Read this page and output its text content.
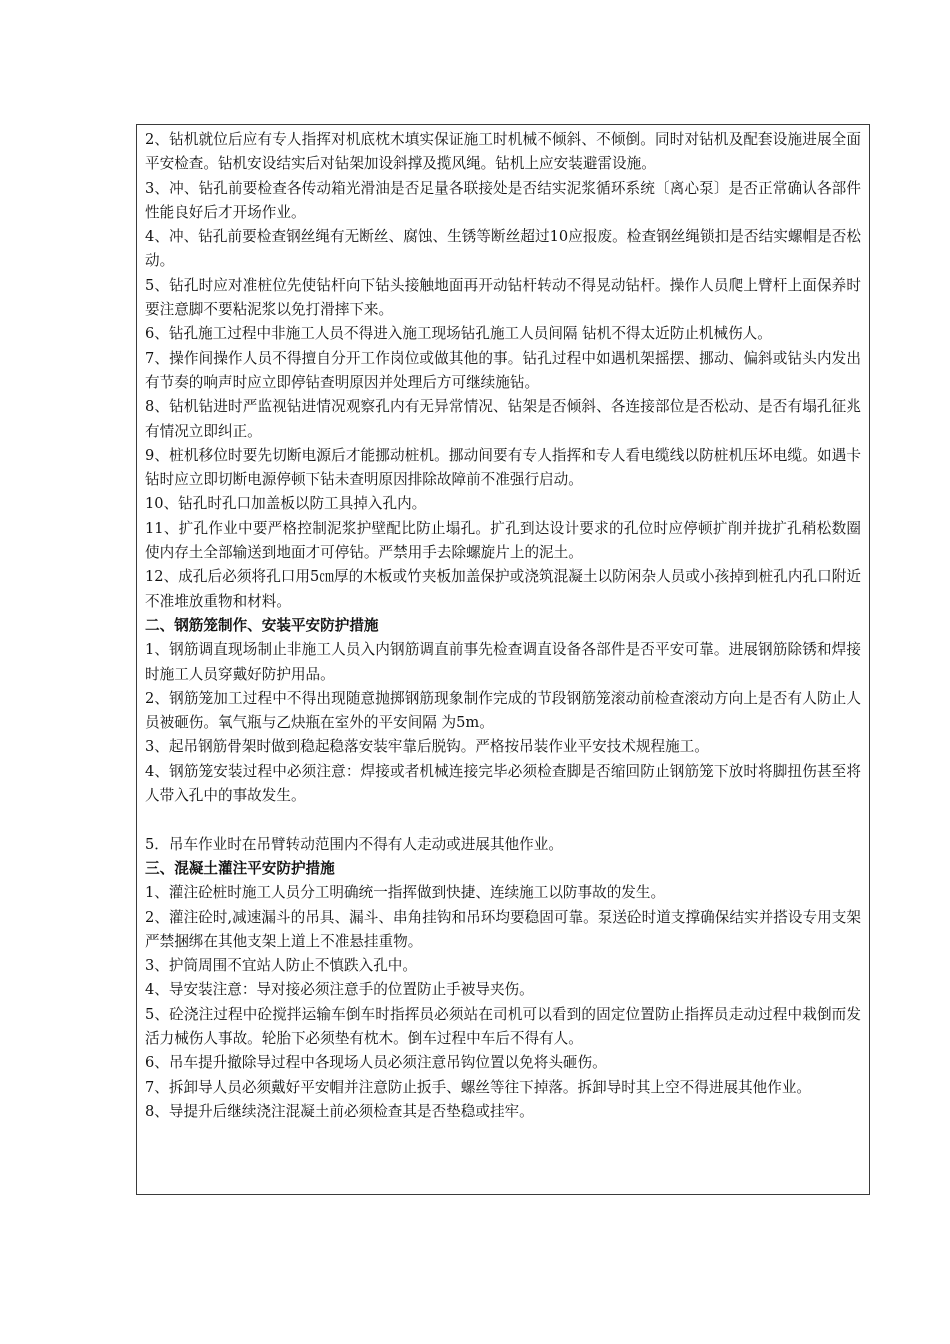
2、钻机就位后应有专人指挥对机底枕木填实保证施工时机械不倾斜、不倾倒。同时对钻机及配套设施进展全面平安检查。钻机安设结实后对钻架加设斜撑及揽风绳。钻机上应安装避雷设施。

3、冲、钻孔前要检查各传动箱光滑油是否足量各联接处是否结实泥浆循环系统〔离心泵〕是否正常确认各部件性能良好后才开场作业。

4、冲、钻孔前要检查钢丝绳有无断丝、腐蚀、生锈等断丝超过10应报废。检查钢丝绳锁扣是否结实螺帽是否松动。

5、钻孔时应对准桩位先使钻杆向下钻头接触地面再开动钻杆转动不得晃动钻杆。操作人员爬上臂杆上面保养时要注意脚不要粘泥浆以免打滑摔下来。

6、钻孔施工过程中非施工人员不得进入施工现场钻孔施工人员间隔 钻机不得太近防止机械伤人。

7、操作间操作人员不得擅自分开工作岗位或做其他的事。钻孔过程中如遇机架摇摆、挪动、偏斜或钻头内发出有节奏的响声时应立即停钻查明原因并处理后方可继续施钻。

8、钻机钻进时严监视钻进情况观察孔内有无异常情况、钻架是否倾斜、各连接部位是否松动、是否有塌孔征兆有情况立即纠正。

9、桩机移位时要先切断电源后才能挪动桩机。挪动间要有专人指挥和专人看电缆线以防桩机压坏电缆。如遇卡钻时应立即切断电源停顿下钻未查明原因排除故障前不准强行启动。

10、钻孔时孔口加盖板以防工具掉入孔内。

11、扩孔作业中要严格控制泥浆护壁配比防止塌孔。扩孔到达设计要求的孔位时应停顿扩削并拢扩孔稍松数圈使内存土全部输送到地面才可停钻。严禁用手去除螺旋片上的泥土。

12、成孔后必须将孔口用5㎝厚的木板或竹夹板加盖保护或浇筑混凝土以防闲杂人员或小孩掉到桩孔内孔口附近不准堆放重物和材料。

二、钢筋笼制作、安装平安防护措施

1、钢筋调直现场制止非施工人员入内钢筋调直前事先检查调直设备各部件是否平安可靠。进展钢筋除锈和焊接时施工人员穿戴好防护用品。

2、钢筋笼加工过程中不得出现随意抛掷钢筋现象制作完成的节段钢筋笼滚动前检查滚动方向上是否有人防止人员被砸伤。氧气瓶与乙炔瓶在室外的平安间隔 为5m。

3、起吊钢筋骨架时做到稳起稳落安装牢靠后脱钩。严格按吊装作业平安技术规程施工。

4、钢筋笼安装过程中必须注意：焊接或者机械连接完毕必须检查脚是否缩回防止钢筋笼下放时将脚扭伤甚至将人带入孔中的事故发生。

5．吊车作业时在吊臂转动范围内不得有人走动或进展其他作业。

三、混凝土灌注平安防护措施

1、灌注砼桩时施工人员分工明确统一指挥做到快捷、连续施工以防事故的发生。

2、灌注砼时,减速漏斗的吊具、漏斗、串角挂钩和吊环均要稳固可靠。泵送砼时道支撑确保结实并搭设专用支架严禁捆绑在其他支架上道上不准悬挂重物。

3、护筒周围不宜站人防止不慎跌入孔中。

4、导安装注意：导对接必须注意手的位置防止手被导夹伤。

5、砼浇注过程中砼搅拌运输车倒车时指挥员必须站在司机可以看到的固定位置防止指挥员走动过程中栽倒而发活力械伤人事故。轮胎下必须垫有枕木。倒车过程中车后不得有人。

6、吊车提升撤除导过程中各现场人员必须注意吊钩位置以免将头砸伤。

7、拆卸导人员必须戴好平安帽并注意防止扳手、螺丝等往下掉落。拆卸导时其上空不得进展其他作业。

8、导提升后继续浇注混凝土前必须检查其是否垫稳或挂牢。
